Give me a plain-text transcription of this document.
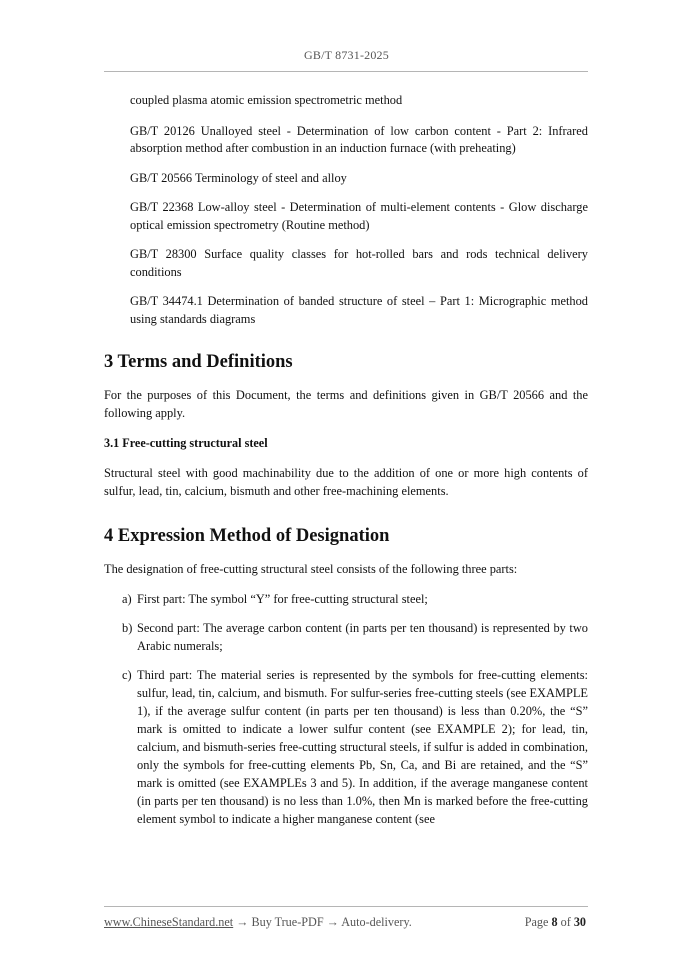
GB/T 8731-2025

coupled plasma atomic emission spectrometric method

GB/T 20126 Unalloyed steel - Determination of low carbon content - Part 2: Infrared absorption method after combustion in an induction furnace (with preheating)

GB/T 20566 Terminology of steel and alloy

GB/T 22368 Low-alloy steel - Determination of multi-element contents - Glow discharge optical emission spectrometry (Routine method)

GB/T 28300 Surface quality classes for hot-rolled bars and rods technical delivery conditions

GB/T 34474.1 Determination of banded structure of steel – Part 1: Micrographic method using standards diagrams

3 Terms and Definitions

For the purposes of this Document, the terms and definitions given in GB/T 20566 and the following apply.

3.1 Free-cutting structural steel

Structural steel with good machinability due to the addition of one or more high contents of sulfur, lead, tin, calcium, bismuth and other free-machining elements.

4 Expression Method of Designation

The designation of free-cutting structural steel consists of the following three parts:

a) First part: The symbol “Y” for free-cutting structural steel;
b) Second part: The average carbon content (in parts per ten thousand) is represented by two Arabic numerals;
c) Third part: The material series is represented by the symbols for free-cutting elements: sulfur, lead, tin, calcium, and bismuth. For sulfur-series free-cutting steels (see EXAMPLE 1), if the average sulfur content (in parts per ten thousand) is less than 0.20%, the “S” mark is omitted to indicate a lower sulfur content (see EXAMPLE 2); for lead, tin, calcium, and bismuth-series free-cutting structural steels, if sulfur is added in combination, only the symbols for free-cutting elements Pb, Sn, Ca, and Bi are retained, and the “S” mark is omitted (see EXAMPLEs 3 and 5). In addition, if the average manganese content (in parts per ten thousand) is no less than 1.0%, then Mn is marked before the free-cutting element symbol to indicate a higher manganese content (see
www.ChineseStandard.net → Buy True-PDF → Auto-delivery.	Page 8 of 30
